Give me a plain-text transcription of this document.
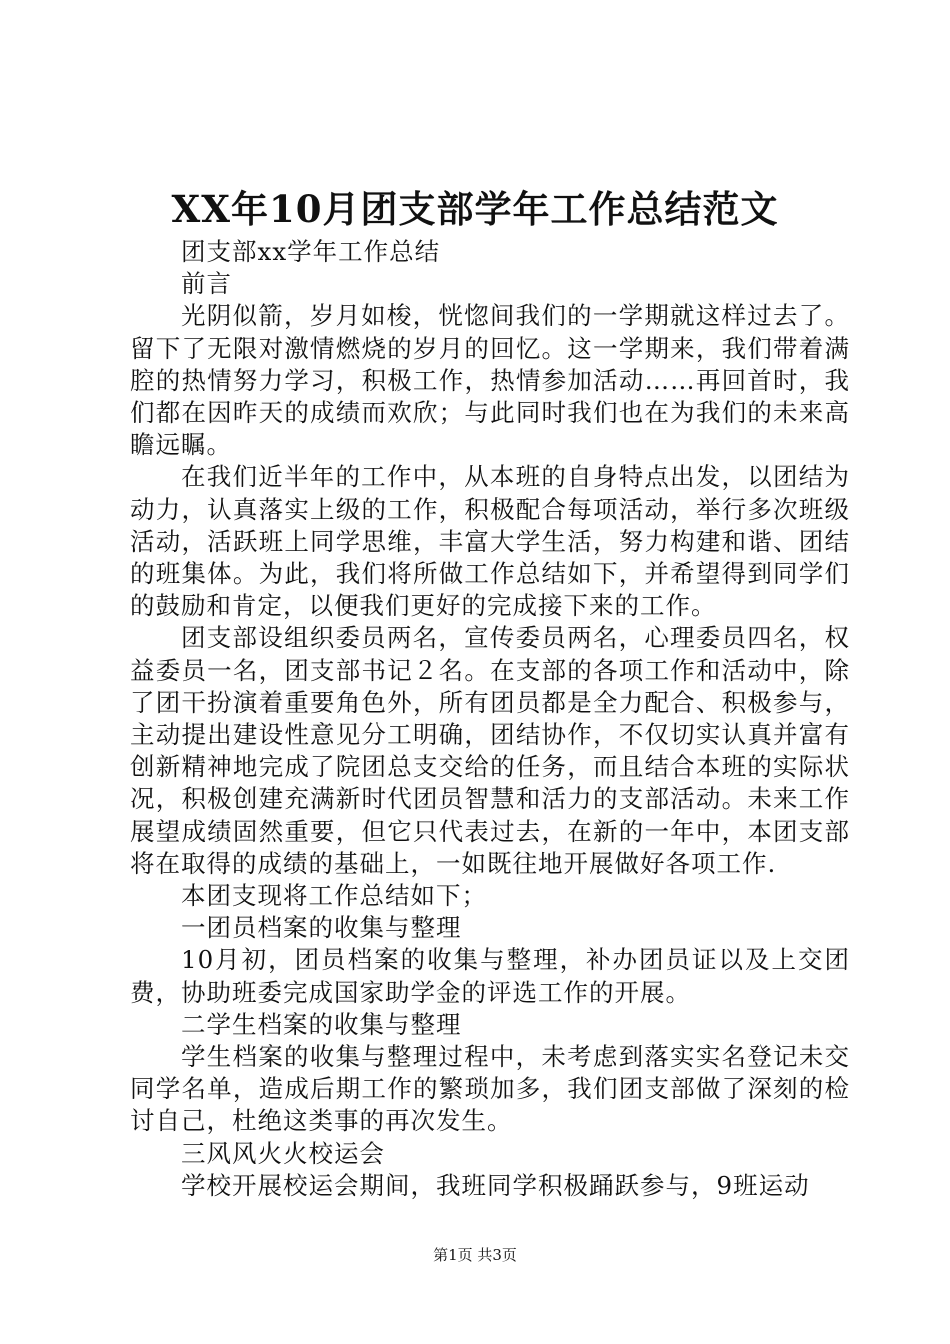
XX年10月团支部学年工作总结范文

团支部xx学年工作总结

前言

光阴似箭，岁月如梭，恍惚间我们的一学期就这样过去了。留下了无限对激情燃烧的岁月的回忆。这一学期来，我们带着满腔的热情努力学习，积极工作，热情参加活动……再回首时，我们都在因昨天的成绩而欢欣；与此同时我们也在为我们的未来高瞻远瞩。

在我们近半年的工作中，从本班的自身特点出发，以团结为动力，认真落实上级的工作，积极配合每项活动，举行多次班级活动，活跃班上同学思维，丰富大学生活，努力构建和谐、团结的班集体。为此，我们将所做工作总结如下，并希望得到同学们的鼓励和肯定，以便我们更好的完成接下来的工作。

团支部设组织委员两名，宣传委员两名，心理委员四名，权益委员一名，团支部书记２名。在支部的各项工作和活动中，除了团干扮演着重要角色外，所有团员都是全力配合、积极参与，主动提出建设性意见分工明确，团结协作，不仅切实认真并富有创新精神地完成了院团总支交给的任务，而且结合本班的实际状况，积极创建充满新时代团员智慧和活力的支部活动。未来工作展望成绩固然重要，但它只代表过去，在新的一年中，本团支部将在取得的成绩的基础上，一如既往地开展做好各项工作.

本团支现将工作总结如下；

一团员档案的收集与整理

10月初，团员档案的收集与整理，补办团员证以及上交团费，协助班委完成国家助学金的评选工作的开展。

二学生档案的收集与整理

学生档案的收集与整理过程中，未考虑到落实实名登记未交同学名单，造成后期工作的繁琐加多，我们团支部做了深刻的检讨自己，杜绝这类事的再次发生。

三风风火火校运会

学校开展校运会期间，我班同学积极踊跃参与，9班运动

第1页 共3页
